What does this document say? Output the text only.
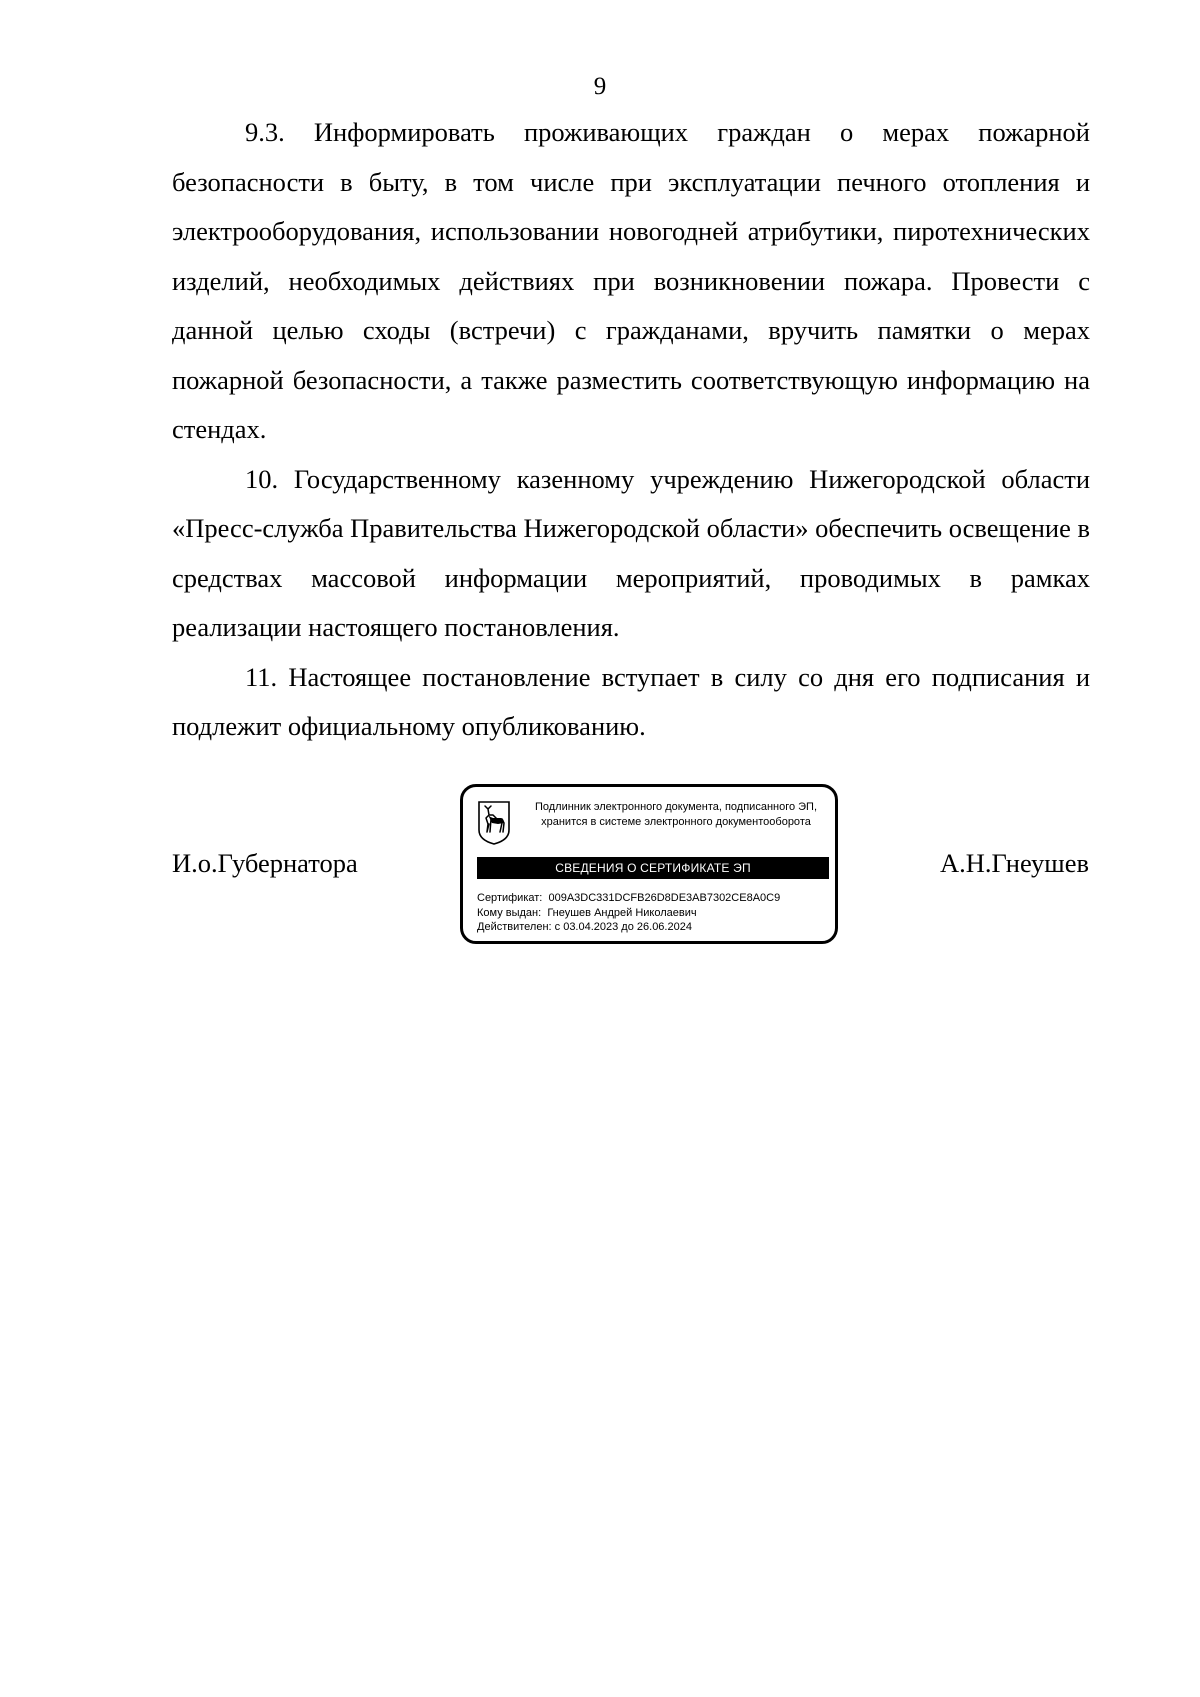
9

9.3. Информировать проживающих граждан о мерах пожарной безопасности в быту, в том числе при эксплуатации печного отопления и электрооборудования, использовании новогодней атрибутики, пиротехнических изделий, необходимых действиях при возникновении пожара. Провести с данной целью сходы (встречи) с гражданами, вручить памятки о мерах пожарной безопасности, а также разместить соответствующую информацию на стендах.

10. Государственному казенному учреждению Нижегородской области «Пресс-служба Правительства Нижегородской области» обеспечить освещение в средствах массовой информации мероприятий, проводимых в рамках реализации настоящего постановления.

11. Настоящее постановление вступает в силу со дня его подписания и подлежит официальному опубликованию.

И.о.Губернатора	А.Н.Гнеушев
Подлинник электронного документа, подписанного ЭП,
хранится в системе электронного документооборота
СВЕДЕНИЯ О СЕРТИФИКАТЕ ЭП
Сертификат: 009A3DC331DCFB26D8DE3AB7302CE8A0C9
Кому выдан: Гнеушев Андрей Николаевич
Действителен: с 03.04.2023 до 26.06.2024
